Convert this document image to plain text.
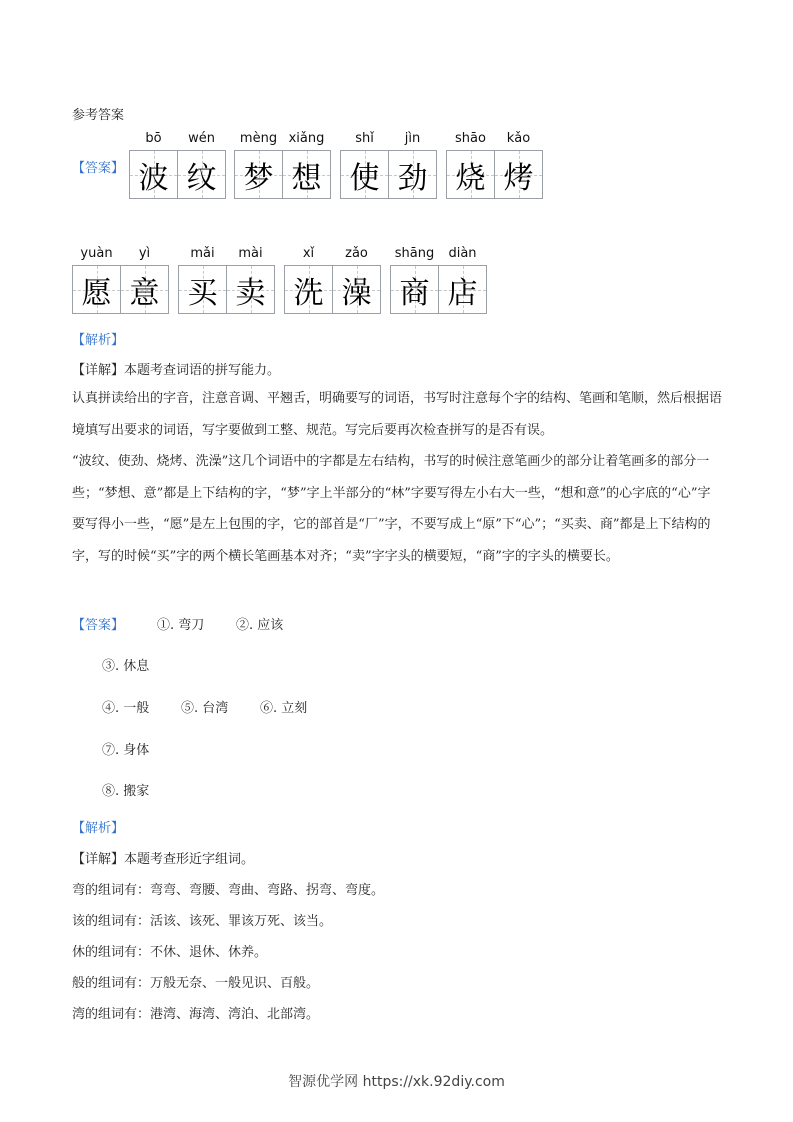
参考答案
【答案】
bō
波
wén
纹
mèng
梦
xiǎng
想
shǐ
使
jìn
劲
shāo
烧
kǎo
烤
yuàn
愿
yì
意
mǎi
买
mài
卖
xǐ
洗
zǎo
澡
shāng
商
diàn
店
【解析】
【详解】本题考查词语的拼写能力。
认真拼读给出的字音，注意音调、平翘舌，明确要写的词语，书写时注意每个字的结构、笔画和笔顺，然后根据语境填写出要求的词语，写字要做到工整、规范。写完后要再次检查拼写的是否有误。
“波纹、使劲、烧烤、洗澡”这几个词语中的字都是左右结构，书写的时候注意笔画少的部分让着笔画多的部分一些；“梦想、意”都是上下结构的字，“梦”字上半部分的“林”字要写得左小右大一些，“想和意”的心字底的“心”字要写得小一些，“愿”是左上包围的字，它的部首是“厂”字，不要写成上“原”下“心”；“买卖、商”都是上下结构的字，写的时候“买”字的两个横长笔画基本对齐；“卖”字字头的横要短，“商”字的字头的横要长。
【答案】	①. 弯刀 ②. 应该
③. 休息
④. 一般 ⑤. 台湾 ⑥. 立刻
⑦. 身体
⑧. 搬家
【解析】
【详解】本题考查形近字组词。
弯的组词有：弯弯、弯腰、弯曲、弯路、拐弯、弯度。
该的组词有：活该、该死、罪该万死、该当。
休的组词有：不休、退休、休养。
般的组词有：万般无奈、一般见识、百般。
湾的组词有：港湾、海湾、湾泊、北部湾。
智源优学网 https://xk.92diy.com
